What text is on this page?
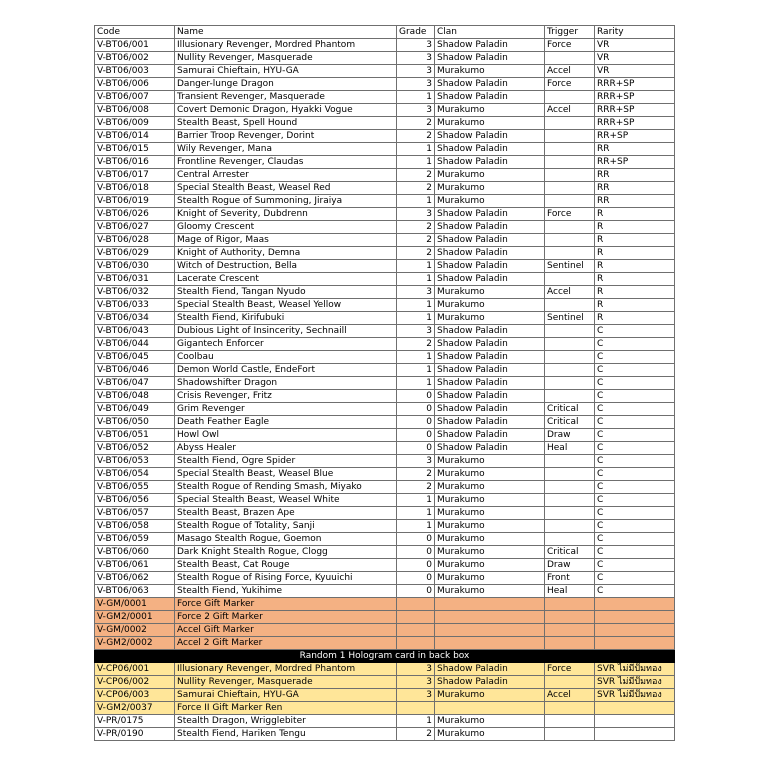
Code	Name	Grade	Clan	Trigger	Rarity
V-BT06/001	Illusionary Revenger, Mordred Phantom	3	Shadow Paladin	Force	VR
V-BT06/002	Nullity Revenger, Masquerade	3	Shadow Paladin		VR
V-BT06/003	Samurai Chieftain, HYU-GA	3	Murakumo	Accel	VR
V-BT06/006	Danger-lunge Dragon	3	Shadow Paladin	Force	RRR+SP
V-BT06/007	Transient Revenger, Masquerade	1	Shadow Paladin		RRR+SP
V-BT06/008	Covert Demonic Dragon, Hyakki Vogue	3	Murakumo	Accel	RRR+SP
V-BT06/009	Stealth Beast, Spell Hound	2	Murakumo		RRR+SP
V-BT06/014	Barrier Troop Revenger, Dorint	2	Shadow Paladin		RR+SP
V-BT06/015	Wily Revenger, Mana	1	Shadow Paladin		RR
V-BT06/016	Frontline Revenger, Claudas	1	Shadow Paladin		RR+SP
V-BT06/017	Central Arrester	2	Murakumo		RR
V-BT06/018	Special Stealth Beast, Weasel Red	2	Murakumo		RR
V-BT06/019	Stealth Rogue of Summoning, Jiraiya	1	Murakumo		RR
V-BT06/026	Knight of Severity, Dubdrenn	3	Shadow Paladin	Force	R
V-BT06/027	Gloomy Crescent	2	Shadow Paladin		R
V-BT06/028	Mage of Rigor, Maas	2	Shadow Paladin		R
V-BT06/029	Knight of Authority, Demna	2	Shadow Paladin		R
V-BT06/030	Witch of Destruction, Bella	1	Shadow Paladin	Sentinel	R
V-BT06/031	Lacerate Crescent	1	Shadow Paladin		R
V-BT06/032	Stealth Fiend, Tangan Nyudo	3	Murakumo	Accel	R
V-BT06/033	Special Stealth Beast, Weasel Yellow	1	Murakumo		R
V-BT06/034	Stealth Fiend, Kirifubuki	1	Murakumo	Sentinel	R
V-BT06/043	Dubious Light of Insincerity, Sechnaill	3	Shadow Paladin		C
V-BT06/044	Gigantech Enforcer	2	Shadow Paladin		C
V-BT06/045	Coolbau	1	Shadow Paladin		C
V-BT06/046	Demon World Castle, EndeFort	1	Shadow Paladin		C
V-BT06/047	Shadowshifter Dragon	1	Shadow Paladin		C
V-BT06/048	Crisis Revenger, Fritz	0	Shadow Paladin		C
V-BT06/049	Grim Revenger	0	Shadow Paladin	Critical	C
V-BT06/050	Death Feather Eagle	0	Shadow Paladin	Critical	C
V-BT06/051	Howl Owl	0	Shadow Paladin	Draw	C
V-BT06/052	Abyss Healer	0	Shadow Paladin	Heal	C
V-BT06/053	Stealth Fiend, Ogre Spider	3	Murakumo		C
V-BT06/054	Special Stealth Beast, Weasel Blue	2	Murakumo		C
V-BT06/055	Stealth Rogue of Rending Smash, Miyako	2	Murakumo		C
V-BT06/056	Special Stealth Beast, Weasel White	1	Murakumo		C
V-BT06/057	Stealth Beast, Brazen Ape	1	Murakumo		C
V-BT06/058	Stealth Rogue of Totality, Sanji	1	Murakumo		C
V-BT06/059	Masago Stealth Rogue, Goemon	0	Murakumo		C
V-BT06/060	Dark Knight Stealth Rogue, Clogg	0	Murakumo	Critical	C
V-BT06/061	Stealth Beast, Cat Rouge	0	Murakumo	Draw	C
V-BT06/062	Stealth Rogue of Rising Force, Kyuuichi	0	Murakumo	Front	C
V-BT06/063	Stealth Fiend, Yukihime	0	Murakumo	Heal	C
V-GM/0001	Force Gift Marker				
V-GM2/0001	Force 2 Gift Marker				
V-GM/0002	Accel Gift Marker				
V-GM2/0002	Accel 2 Gift Marker				
Random 1 Hologram card in back box					
V-CP06/001	Illusionary Revenger, Mordred Phantom	3	Shadow Paladin	Force	SVR ไม่มีปั๊มทอง
V-CP06/002	Nullity Revenger, Masquerade	3	Shadow Paladin		SVR ไม่มีปั๊มทอง
V-CP06/003	Samurai Chieftain, HYU-GA	3	Murakumo	Accel	SVR ไม่มีปั๊มทอง
V-GM2/0037	Force II Gift Marker Ren				
V-PR/0175	Stealth Dragon, Wrigglebiter	1	Murakumo		
V-PR/0190	Stealth Fiend, Hariken Tengu	2	Murakumo		
